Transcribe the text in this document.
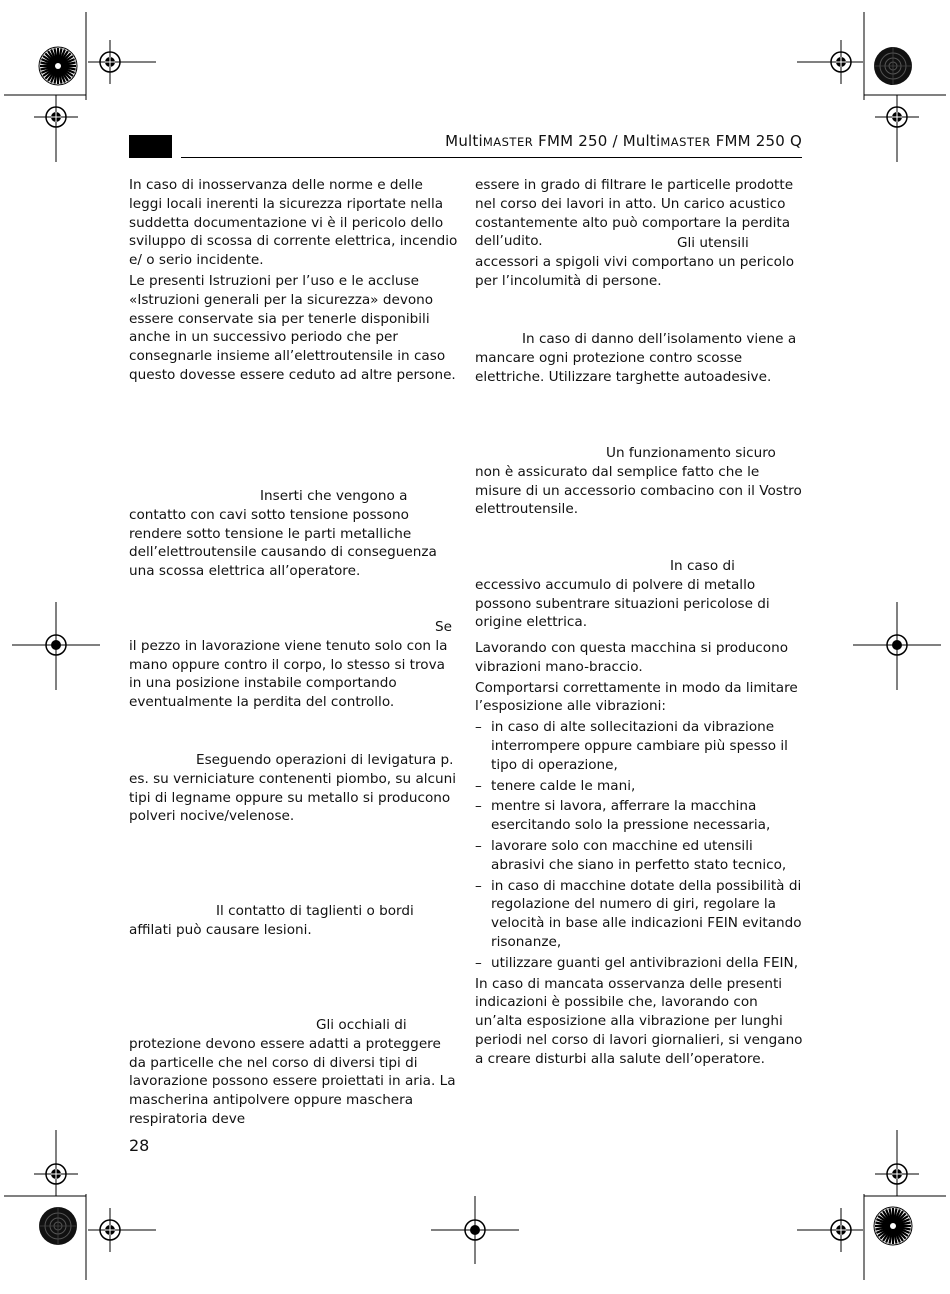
MultiMASTER FMM 250 / MultiMASTER FMM 250 Q

In caso di inosservanza delle norme e delle leggi locali inerenti la sicurezza riportate nella suddetta documentazione vi è il pericolo dello sviluppo di scossa di corrente elettrica, incendio e/ o serio incidente.

Le presenti Istruzioni per l’uso e le accluse «Istruzioni generali per la sicurezza» devono essere conservate sia per tenerle disponibili anche in un successivo periodo che per consegnarle insieme all’elettroutensile in caso questo dovesse essere ceduto ad altre persone.

Inserti che vengono a contatto con cavi sotto tensione possono rendere sotto tensione le parti metalliche dell’elettroutensile causando di conseguenza una scossa elettrica all’operatore.

Se il pezzo in lavorazione viene tenuto solo con la mano oppure contro il corpo, lo stesso si trova in una posizione instabile comportando eventualmente la perdita del controllo.

Eseguendo operazioni di levigatura p. es. su verniciature contenenti piombo, su alcuni tipi di legname oppure su metallo si producono polveri nocive/velenose.

Il contatto di taglienti o bordi affilati può causare lesioni.

Gli occhiali di protezione devono essere adatti a proteggere da particelle che nel corso di diversi tipi di lavorazione possono essere proiettati in aria. La mascherina antipolvere oppure maschera respiratoria deve

essere in grado di filtrare le particelle prodotte nel corso dei lavori in atto. Un carico acustico costantemente alto può comportare la perdita dell’udito.	Gli utensili accessori a spigoli vivi comportano un pericolo per l’incolumità di persone.

In caso di danno dell’isolamento viene a mancare ogni protezione contro scosse elettriche. Utilizzare targhette autoadesive.

Un funzionamento sicuro non è assicurato dal semplice fatto che le misure di un accessorio combacino con il Vostro elettroutensile.

In caso di eccessivo accumulo di polvere di metallo possono subentrare situazioni pericolose di origine elettrica.

Lavorando con questa macchina si producono vibrazioni mano-braccio.

Comportarsi correttamente in modo da limitare l’esposizione alle vibrazioni:

– in caso di alte sollecitazioni da vibrazione interrompere oppure cambiare più spesso il tipo di operazione,
– tenere calde le mani,
– mentre si lavora, afferrare la macchina esercitando solo la pressione necessaria,
– lavorare solo con macchine ed utensili abrasivi che siano in perfetto stato tecnico,
– in caso di macchine dotate della possibilità di regolazione del numero di giri, regolare la velocità in base alle indicazioni FEIN evitando risonanze,
– utilizzare guanti gel antivibrazioni della FEIN,

In caso di mancata osservanza delle presenti indicazioni è possibile che, lavorando con un’alta esposizione alla vibrazione per lunghi periodi nel corso di lavori giornalieri, si vengano a creare disturbi alla salute dell’operatore.

28
